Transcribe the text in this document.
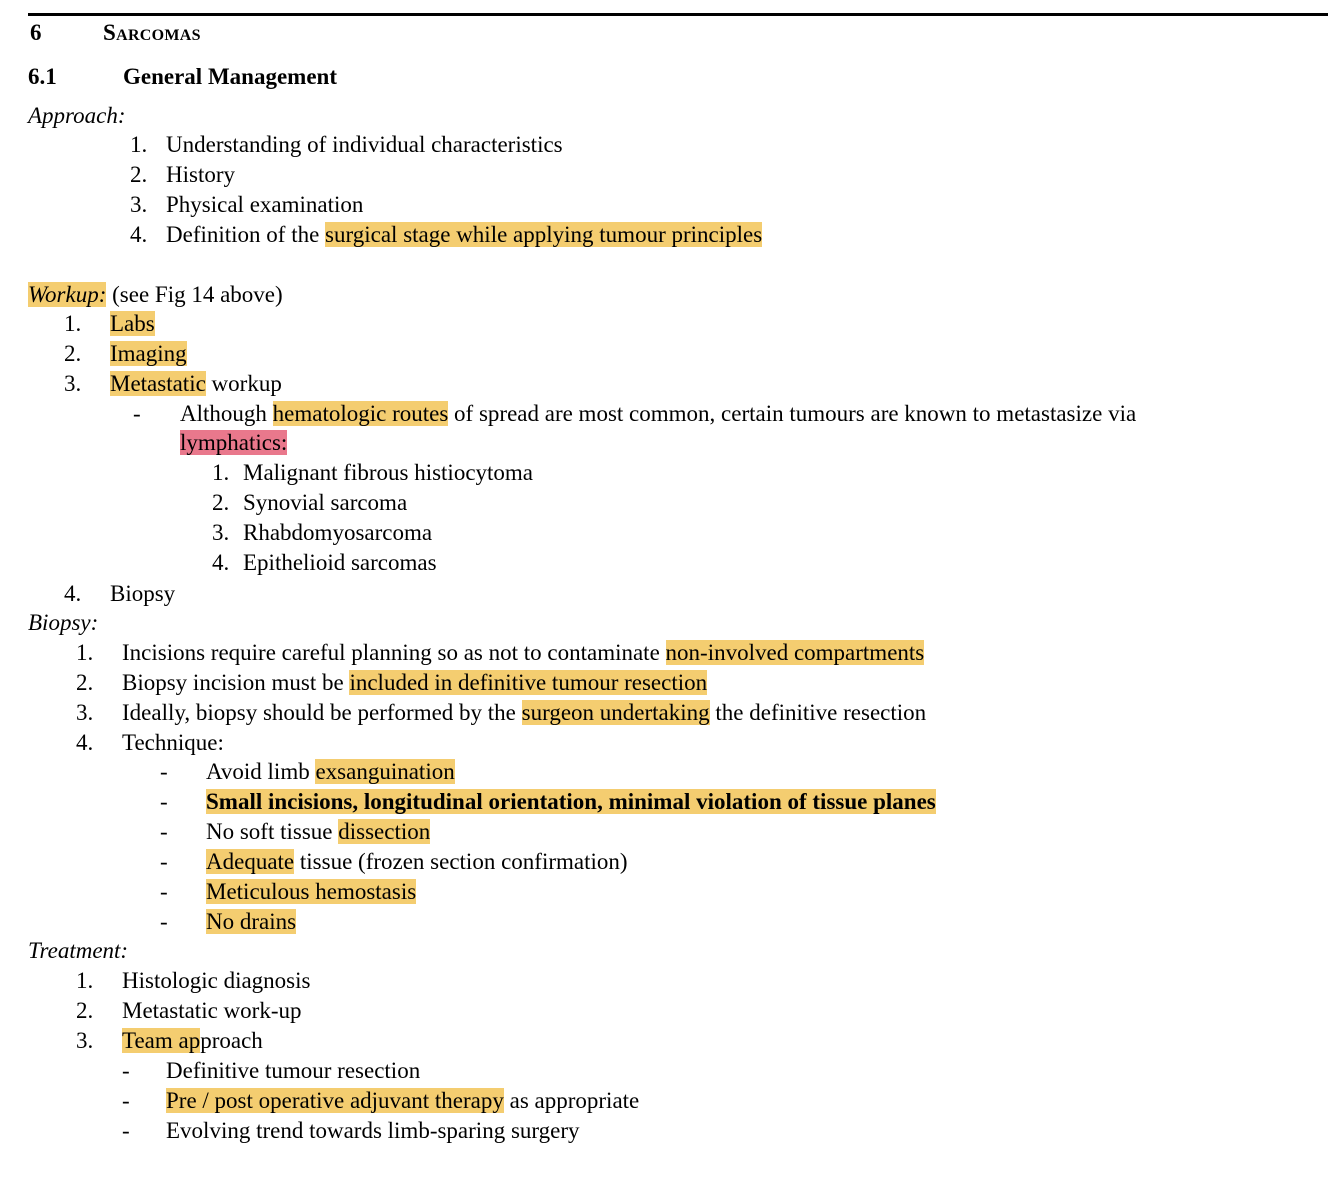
6	Sarcomas
6.1	General Management
Approach:
1. Understanding of individual characteristics
2. History
3. Physical examination
4. Definition of the surgical stage while applying tumour principles
Workup: (see Fig 14 above)
1. Labs
2. Imaging
3. Metastatic workup
- Although hematologic routes of spread are most common, certain tumours are known to metastasize via
lymphatics:
1. Malignant fibrous histiocytoma
2. Synovial sarcoma
3. Rhabdomyosarcoma
4. Epithelioid sarcomas
4. Biopsy
Biopsy:
1. Incisions require careful planning so as not to contaminate non-involved compartments
2. Biopsy incision must be included in definitive tumour resection
3. Ideally, biopsy should be performed by the surgeon undertaking the definitive resection
4. Technique:
- Avoid limb exsanguination
- Small incisions, longitudinal orientation, minimal violation of tissue planes
- No soft tissue dissection
- Adequate tissue (frozen section confirmation)
- Meticulous hemostasis
- No drains
Treatment:
1. Histologic diagnosis
2. Metastatic work-up
3. Team approach
- Definitive tumour resection
- Pre / post operative adjuvant therapy as appropriate
- Evolving trend towards limb-sparing surgery
